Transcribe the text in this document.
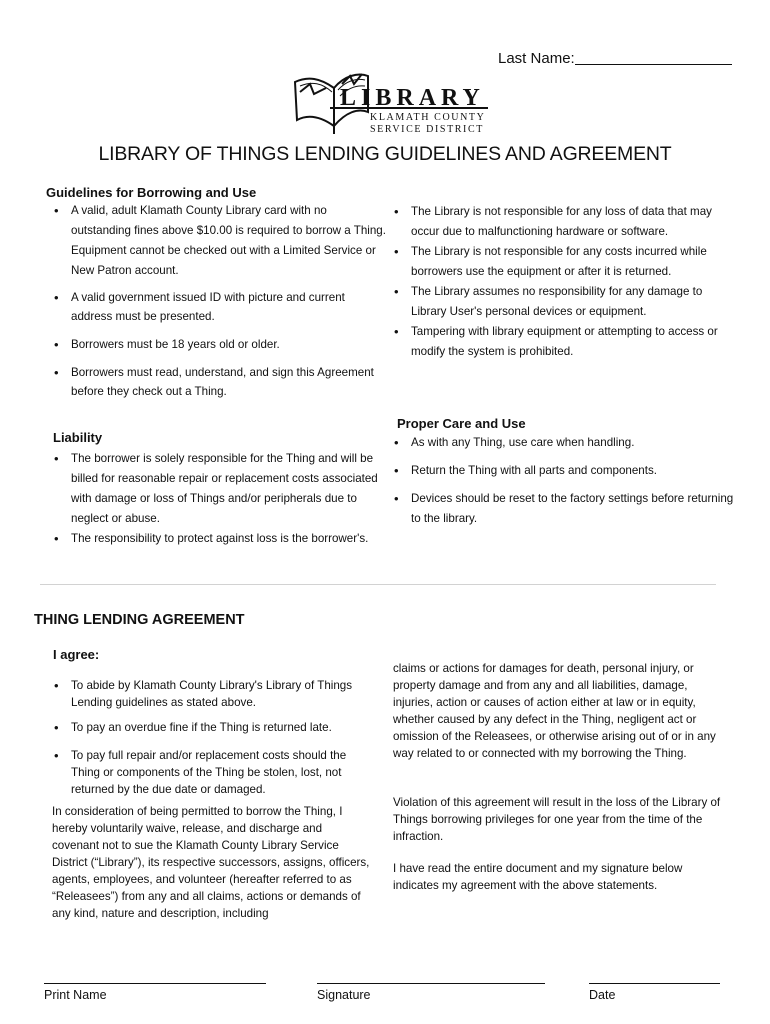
Last Name:
LIBRARY
KLAMATH COUNTY
SERVICE DISTRICT
LIBRARY OF THINGS LENDING GUIDELINES AND AGREEMENT
Guidelines for Borrowing and Use
• A valid, adult Klamath County Library card with no outstanding fines above $10.00 is required to borrow a Thing. Equipment cannot be checked out with a Limited Service or New Patron account.
• A valid government issued ID with picture and current address must be presented.
• Borrowers must be 18 years old or older.
• Borrowers must read, understand, and sign this Agreement before they check out a Thing.
• The Library is not responsible for any loss of data that may occur due to malfunctioning hardware or software.
• The Library is not responsible for any costs incurred while borrowers use the equipment or after it is returned.
• The Library assumes no responsibility for any damage to Library User's personal devices or equipment.
• Tampering with library equipment or attempting to access or modify the system is prohibited.
Liability
• The borrower is solely responsible for the Thing and will be billed for reasonable repair or replacement costs associated with damage or loss of Things and/or peripherals due to neglect or abuse.
• The responsibility to protect against loss is the borrower's.
Proper Care and Use
• As with any Thing, use care when handling.
• Return the Thing with all parts and components.
• Devices should be reset to the factory settings before returning to the library.
THING LENDING AGREEMENT
I agree:
• To abide by Klamath County Library's Library of Things Lending guidelines as stated above.
• To pay an overdue fine if the Thing is returned late.
• To pay full repair and/or replacement costs should the Thing or components of the Thing be stolen, lost, not returned by the due date or damaged.
In consideration of being permitted to borrow the Thing, I hereby voluntarily waive, release, and discharge and covenant not to sue the Klamath County Library Service District (“Library”), its respective successors, assigns, officers, agents, employees, and volunteer (hereafter referred to as “Releasees”) from any and all claims, actions or demands of any kind, nature and description, including
claims or actions for damages for death, personal injury, or property damage and from any and all liabilities, damage, injuries, action or causes of action either at law or in equity, whether caused by any defect in the Thing, negligent act or omission of the Releasees, or otherwise arising out of or in any way related to or connected with my borrowing the Thing.
Violation of this agreement will result in the loss of the Library of Things borrowing privileges for one year from the time of the infraction.
I have read the entire document and my signature below indicates my agreement with the above statements.
Print Name	Signature	Date
